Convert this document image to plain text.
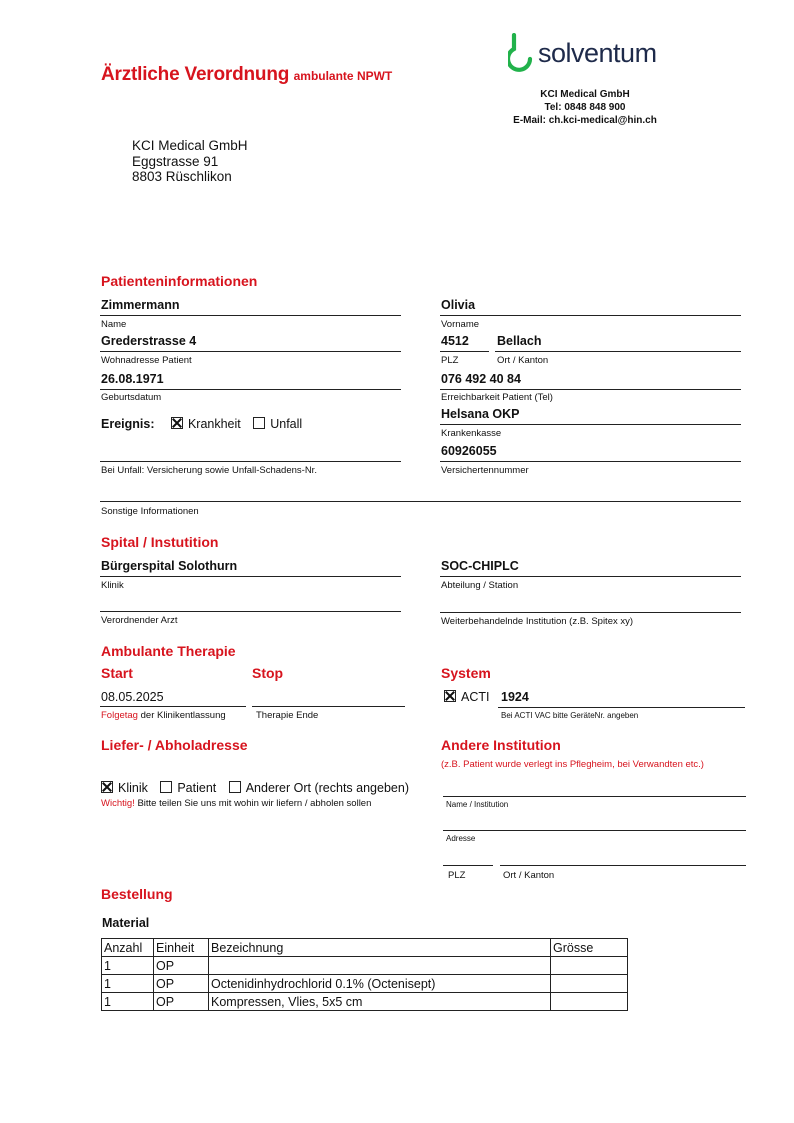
Ärztliche Verordnung ambulante NPWT
solventum
KCI Medical GmbH
Tel: 0848 848 900
E-Mail: ch.kci-medical@hin.ch
KCI Medical GmbH
Eggstrasse 91
8803 Rüschlikon
Patienteninformationen
Zimmermann
Name
Olivia
Vorname
Grederstrasse 4
Wohnadresse Patient
4512
PLZ
Bellach
Ort / Kanton
26.08.1971
Geburtsdatum
076 492 40 84
Erreichbarkeit Patient (Tel)
Ereignis:	Krankheit Unfall
Helsana OKP
Krankenkasse
Bei Unfall: Versicherung sowie Unfall-Schadens-Nr.
60926055
Versichertennummer
Sonstige Informationen
Spital / Instutition
Bürgerspital Solothurn
Klinik
SOC-CHIPLC
Abteilung / Station
Verordnender Arzt	Weiterbehandelnde Institution (z.B. Spitex xy)
Ambulante Therapie
Start	Stop
08.05.2025
Folgetag der Klinikentlassung	Therapie Ende
System
ACTI 1924
Bei ACTI VAC bitte GeräteNr. angeben
Liefer- / Abholadresse
Klinik Patient Anderer Ort (rechts angeben)
Wichtig! Bitte teilen Sie uns mit wohin wir liefern / abholen sollen
Andere Institution
(z.B. Patient wurde verlegt ins Pflegheim, bei Verwandten etc.)
Name / Institution
Adresse
PLZ	Ort / Kanton
Bestellung
Material
Anzahl	Einheit	Bezeichnung	Grösse
1	OP		
1	OP	Octenidinhydrochlorid 0.1% (Octenisept)	
1	OP	Kompressen, Vlies, 5x5 cm	
